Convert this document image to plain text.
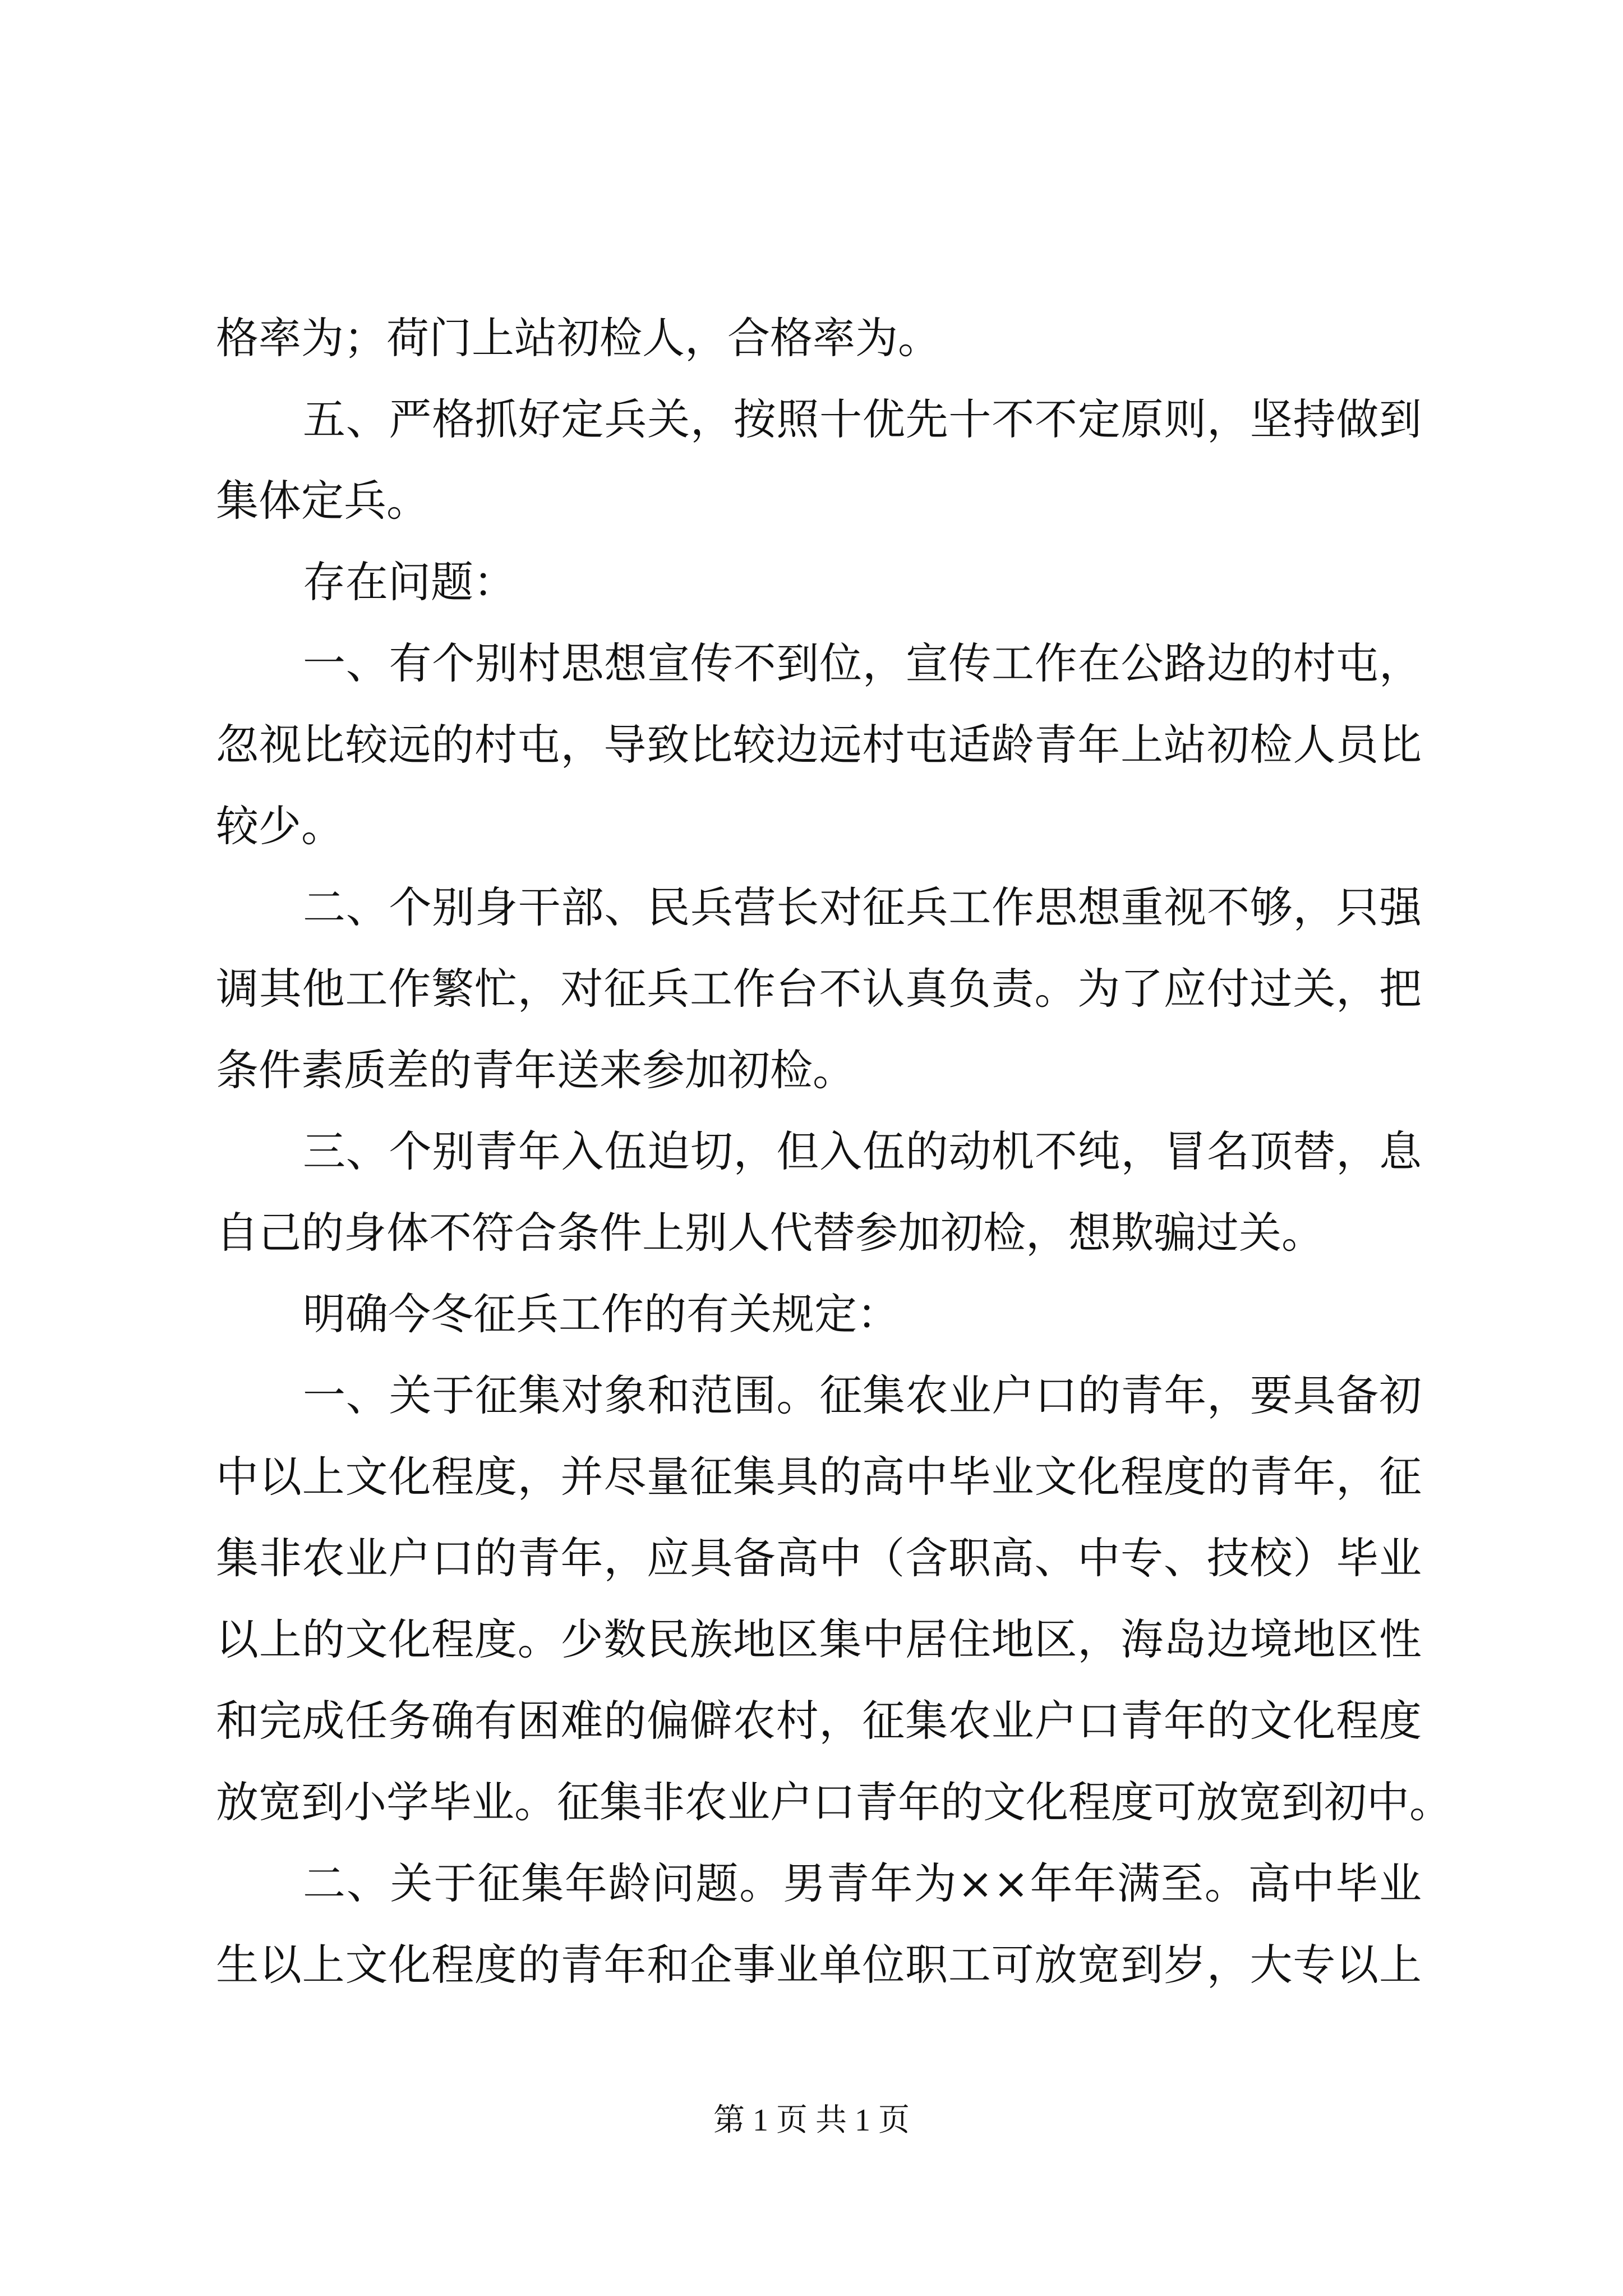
格率为；荷门上站初检人，合格率为。
五、严格抓好定兵关，按照十优先十不不定原则，坚持做到
集体定兵。
存在问题：
一、有个别村思想宣传不到位，宣传工作在公路边的村屯，
忽视比较远的村屯，导致比较边远村屯适龄青年上站初检人员比
较少。
二、个别身干部、民兵营长对征兵工作思想重视不够，只强
调其他工作繁忙，对征兵工作台不认真负责。为了应付过关，把
条件素质差的青年送来参加初检。
三、个别青年入伍迫切，但入伍的动机不纯，冒名顶替，息
自己的身体不符合条件上别人代替参加初检，想欺骗过关。
明确今冬征兵工作的有关规定：
一、关于征集对象和范围。征集农业户口的青年，要具备初
中以上文化程度，并尽量征集具的高中毕业文化程度的青年，征
集非农业户口的青年，应具备高中（含职高、中专、技校）毕业
以上的文化程度。少数民族地区集中居住地区，海岛边境地区性
和完成任务确有困难的偏僻农村，征集农业户口青年的文化程度
放宽到小学毕业。征集非农业户口青年的文化程度可放宽到初中。
二、关于征集年龄问题。男青年为××年年满至。高中毕业
生以上文化程度的青年和企事业单位职工可放宽到岁，大专以上
第 1 页 共 1 页
